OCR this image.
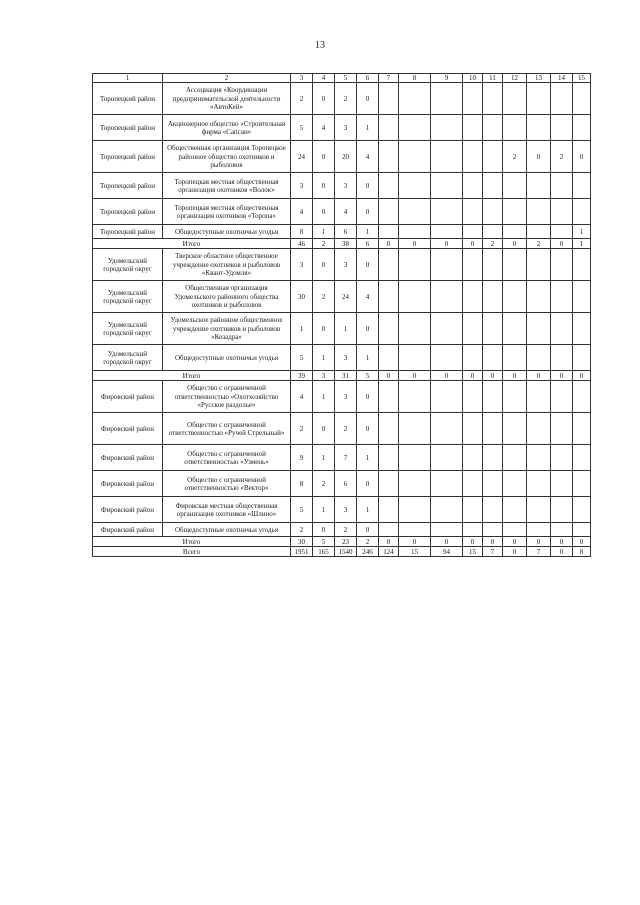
13
1	2	3	4	5	6	7	8	9	10	11	12	13	14	15
Торопецкий район	Ассоциация «Координации предпринимательской деятельности «АвтоКей»	2	0	2	0									
Торопецкий район	Акционерное общество «Строительная фирма «Сапсан»	5	4	3	1									
Торопецкий район	Общественная организация Торопецкое районное общество охотников и рыболовов	24	0	20	4						2	0	2	0
Торопецкий район	Торопецкая местная общественная организация охотников «Волок»	3	0	3	0									
Торопецкий район	Торопецкая местная общественная организация охотников «Торопа»	4	0	4	0									
Торопецкий район	Общедоступные охотничьи угодья	8	1	6	1									1
Итого		46	2	38	6	0	0	0	0	2	0	2	0	1
Удомельский городской округ	Тверское областное общественное учреждение охотников и рыболовов «Квант-Удомля»	3	0	3	0									
Удомельский городской округ	Общественная организация Удомельского районного общества охотников и рыболовов	30	2	24	4									
Удомельский городской округ	Удомельское районное общественное учреждение охотников и рыболовов «Козадра»	1	0	1	0									
Удомельский городской округ	Общедоступные охотничьи угодья	5	1	3	1									
Итого		39	3	31	5	0	0	0	0	0	0	0	0	0
Фировский район	Общество с ограниченной ответственностью «Охотхозяйство «Русское раздолье»	4	1	3	0									
Фировский район	Общество с ограниченной ответственностью «Ручей Стрельный»	2	0	2	0									
Фировский район	Общество с ограниченной ответственностью «Узмень»	9	1	7	1									
Фировский район	Общество с ограниченной ответственностью «Вектор»	8	2	6	0									
Фировский район	Фировская местная общественная организация охотников «Шлино»	5	1	3	1									
Фировский район	Общедоступные охотничьи угодья	2	0	2	0									
Итого		30	5	23	2	0	0	0	0	0	0	0	0	0
Всего		1951	165	1540	246	124	15	94	15	7	0	7	0	8
